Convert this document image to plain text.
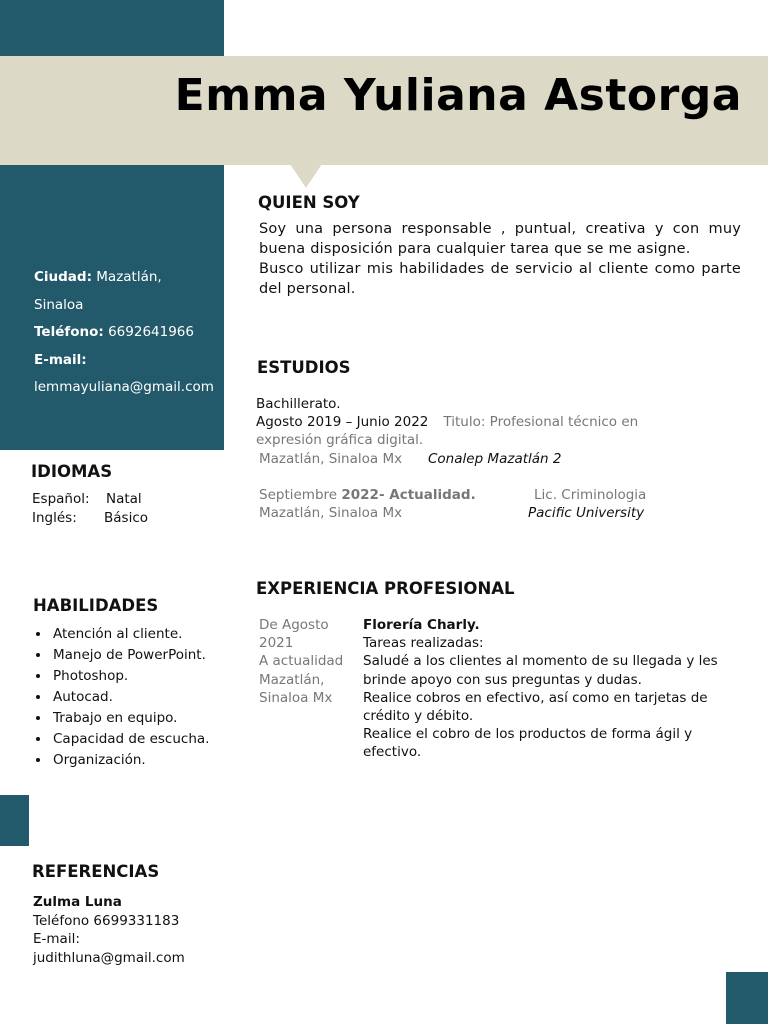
Emma Yuliana Astorga
Ciudad: Mazatlán, Sinaloa
Teléfono: 6692641966
E-mail:
lemmayuliana@gmail.com
IDIOMAS
Español: Natal
Inglés: Básico
HABILIDADES
• Atención al cliente.
• Manejo de PowerPoint.
• Photoshop.
• Autocad.
• Trabajo en equipo.
• Capacidad de escucha.
• Organización.
REFERENCIAS
Zulma Luna
Teléfono 6699331183
E-mail:
judithluna@gmail.com
QUIEN SOY
Soy una persona responsable , puntual, creativa y con muy buena disposición para cualquier tarea que se me asigne.
Busco utilizar mis habilidades de servicio al cliente como parte del personal.
ESTUDIOS
Bachillerato.
Agosto 2019 – Junio 2022 Titulo: Profesional técnico en expresión gráfica digital.
Mazatlán, Sinaloa Mx Conalep Mazatlán 2
Septiembre 2022- Actualidad.	Lic. Criminologia
Mazatlán, Sinaloa Mx	Pacific University
EXPERIENCIA PROFESIONAL
De Agosto
2021
A actualidad
Mazatlán,
Sinaloa Mx
Florería Charly.
Tareas realizadas:
Saludé a los clientes al momento de su llegada y les brinde apoyo con sus preguntas y dudas.
Realice cobros en efectivo, así como en tarjetas de crédito y débito.
Realice el cobro de los productos de forma ágil y efectivo.
